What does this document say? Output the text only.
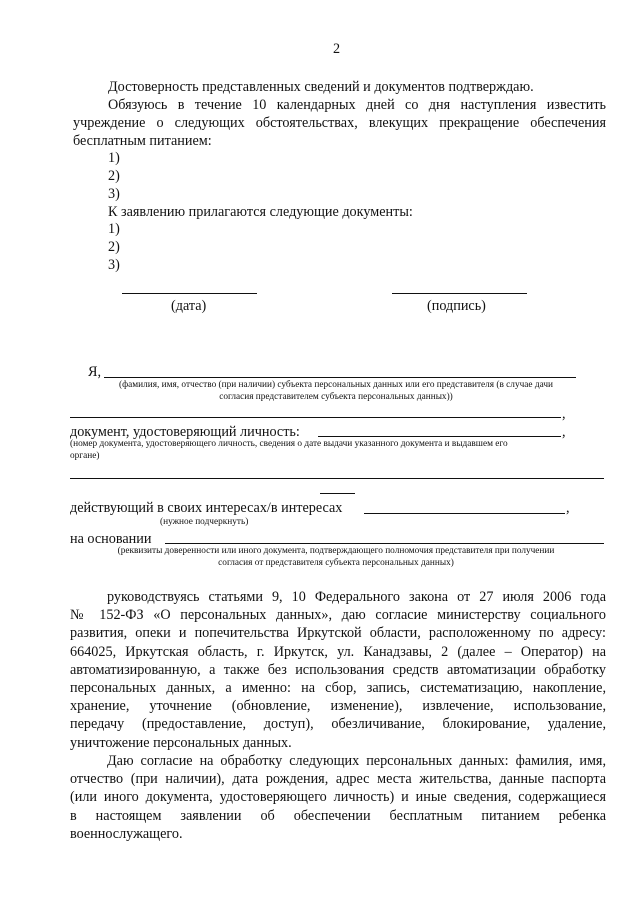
2
Достоверность представленных сведений и документов подтверждаю.
Обязуюсь в течение 10 календарных дней со дня наступления известить
учреждение о следующих обстоятельствах, влекущих прекращение обеспечения
бесплатным питанием:
1)
2)
3)
К заявлению прилагаются следующие документы:
1)
2)
3)
(дата)	(подпись)
Я,
(фамилия, имя, отчество (при наличии) субъекта персональных данных или его представителя (в случае дачи
согласия представителем субъекта персональных данных))
,
документ, удостоверяющий личность:	,
(номер документа, удостоверяющего личность, сведения о дате выдачи указанного документа и выдавшем его
органе)
действующий в своих интересах/в интересах	,
(нужное подчеркнуть)
на основании
(реквизиты доверенности или иного документа, подтверждающего полномочия представителя при получении
согласия от представителя субъекта персональных данных)
руководствуясь статьями 9, 10 Федерального закона от 27 июля 2006 года
№ 152-ФЗ «О персональных данных», даю согласие министерству социального
развития, опеки и попечительства Иркутской области, расположенному по адресу:
664025, Иркутская область, г. Иркутск, ул. Канадзавы, 2 (далее – Оператор) на
автоматизированную, а также без использования средств автоматизации обработку
персональных данных, а именно: на сбор, запись, систематизацию, накопление,
хранение, уточнение (обновление, изменение), извлечение, использование,
передачу (предоставление, доступ), обезличивание, блокирование, удаление,
уничтожение персональных данных.
Даю согласие на обработку следующих персональных данных: фамилия, имя,
отчество (при наличии), дата рождения, адрес места жительства, данные паспорта
(или иного документа, удостоверяющего личность) и иные сведения, содержащиеся
в настоящем заявлении об обеспечении бесплатным питанием ребенка
военнослужащего.
